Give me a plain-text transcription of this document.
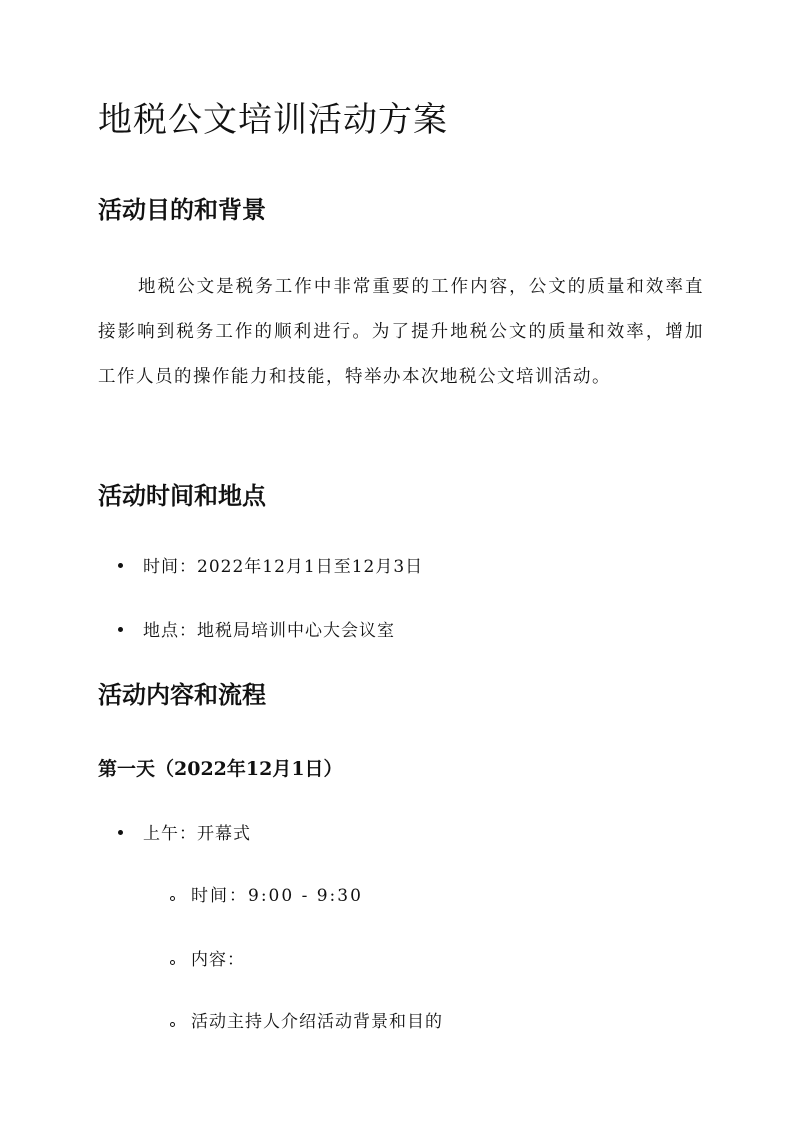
地税公文培训活动方案
活动目的和背景

地税公文是税务工作中非常重要的工作内容，公文的质量和效率直接影响到税务工作的顺利进行。为了提升地税公文的质量和效率，增加工作人员的操作能力和技能，特举办本次地税公文培训活动。

活动时间和地点
时间：2022年12月1日至12月3日
地点：地税局培训中心大会议室
活动内容和流程
第一天（2022年12月1日）
上午：开幕式
时间：9:00 - 9:30
内容：
活动主持人介绍活动背景和目的
